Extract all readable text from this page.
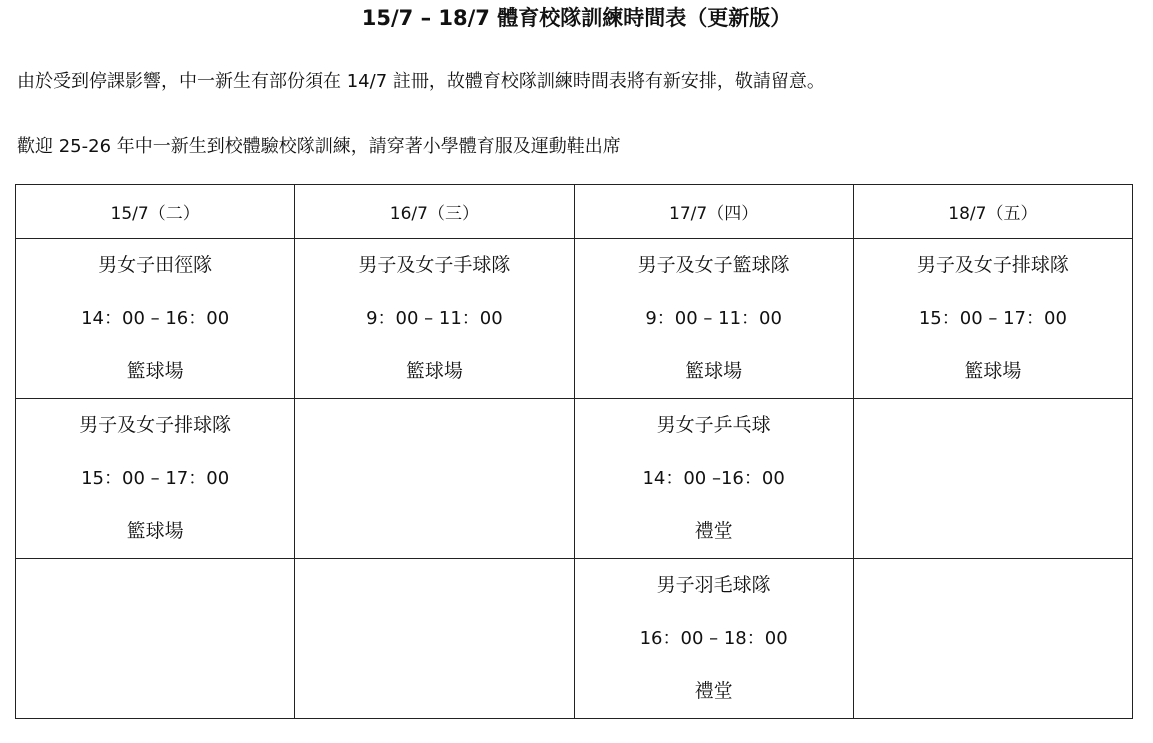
15/7 – 18/7 體育校隊訓練時間表（更新版）
由於受到停課影響，中一新生有部份須在 14/7 註冊，故體育校隊訓練時間表將有新安排，敬請留意。
歡迎 25-26 年中一新生到校體驗校隊訓練，請穿著小學體育服及運動鞋出席
15/7（二）	16/7（三）	17/7（四）	18/7（五）

男女子田徑隊
14：00 – 16：00
籃球場	男子及女子手球隊
9：00 – 11：00
籃球場	男子及女子籃球隊
9：00 – 11：00
籃球場	男子及女子排球隊
15：00 – 17：00
籃球場

男子及女子排球隊
15：00 – 17：00
籃球場		男女子乒乓球
14：00 –16：00
禮堂	

		男子羽毛球隊
16：00 – 18：00
禮堂	
